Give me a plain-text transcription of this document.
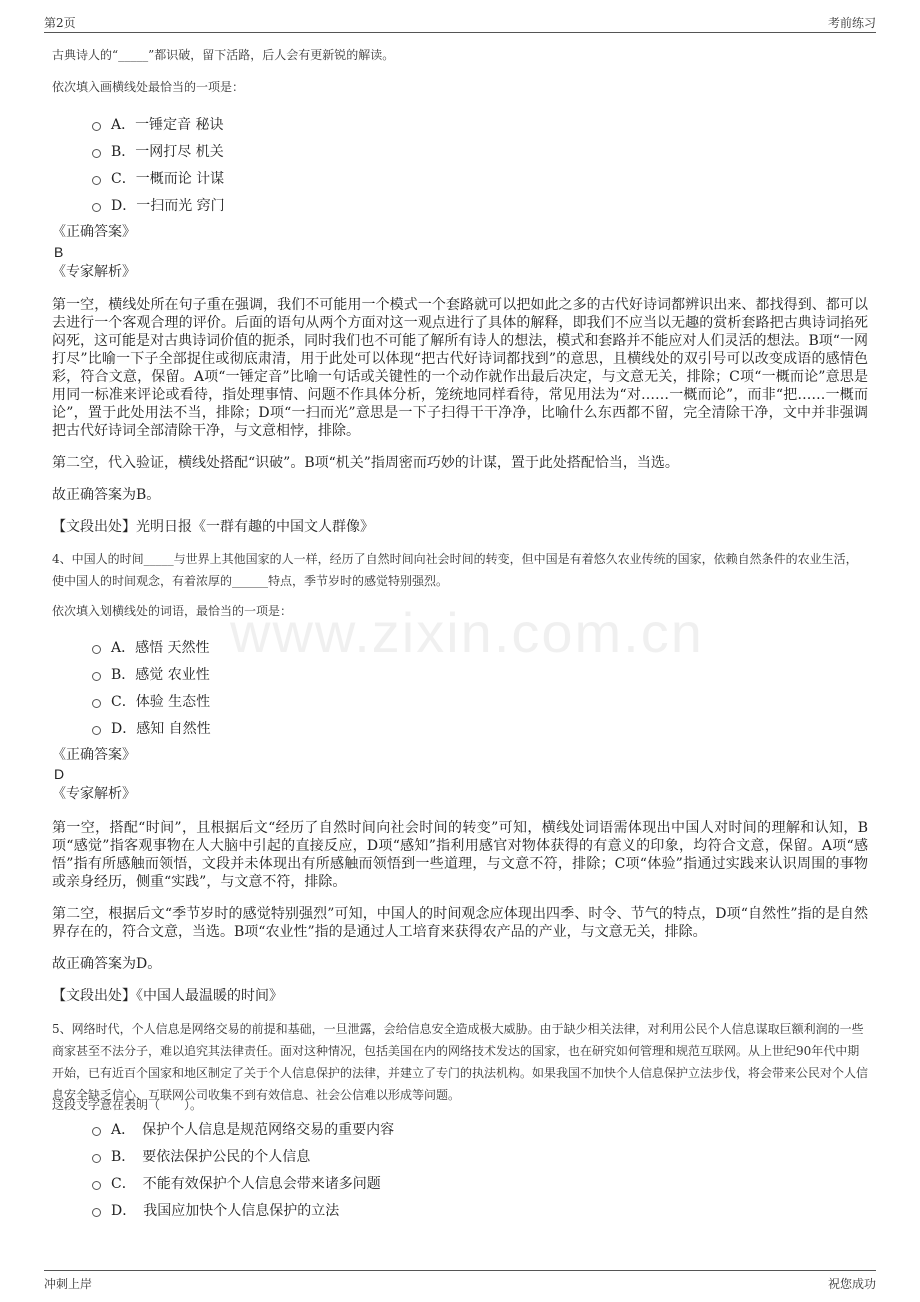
第2页	考前练习
www.zixin.com.cn

古典诗人的“_____”都识破，留下活路，后人会有更新锐的解读。

依次填入画横线处最恰当的一项是：

A．一锤定音 秘诀
B．一网打尽 机关
C．一概而论 计谋
D．一扫而光 窍门

《正确答案》

B

《专家解析》

第一空，横线处所在句子重在强调，我们不可能用一个模式一个套路就可以把如此之多的古代好诗词都辨识出来、都找得到、都可以去进行一个客观合理的评价。后面的语句从两个方面对这一观点进行了具体的解释，即我们不应当以无趣的赏析套路把古典诗词掐死闷死，这可能是对古典诗词价值的扼杀，同时我们也不可能了解所有诗人的想法，模式和套路并不能应对人们灵活的想法。B项“一网打尽”比喻一下子全部捉住或彻底肃清，用于此处可以体现“把古代好诗词都找到”的意思，且横线处的双引号可以改变成语的感情色彩，符合文意，保留。A项“一锤定音”比喻一句话或关键性的一个动作就作出最后决定，与文意无关，排除；C项“一概而论”意思是用同一标准来评论或看待，指处理事情、问题不作具体分析，笼统地同样看待，常见用法为“对……一概而论”，而非“把……一概而论”，置于此处用法不当，排除；D项“一扫而光”意思是一下子扫得干干净净，比喻什么东西都不留，完全清除干净，文中并非强调把古代好诗词全部清除干净，与文意相悖，排除。

第二空，代入验证，横线处搭配“识破”。B项“机关”指周密而巧妙的计谋，置于此处搭配恰当，当选。

故正确答案为B。

【文段出处】光明日报《一群有趣的中国文人群像》

4、中国人的时间_____与世界上其他国家的人一样，经历了自然时间向社会时间的转变，但中国是有着悠久农业传统的国家，依赖自然条件的农业生活，使中国人的时间观念，有着浓厚的______特点，季节岁时的感觉特别强烈。

依次填入划横线处的词语，最恰当的一项是：

A．感悟 天然性
B．感觉 农业性
C．体验 生态性
D．感知 自然性

《正确答案》

D

《专家解析》

第一空，搭配“时间”，且根据后文“经历了自然时间向社会时间的转变”可知，横线处词语需体现出中国人对时间的理解和认知，B项“感觉”指客观事物在人大脑中引起的直接反应，D项“感知”指利用感官对物体获得的有意义的印象，均符合文意，保留。A项“感悟”指有所感触而领悟，文段并未体现出有所感触而领悟到一些道理，与文意不符，排除；C项“体验”指通过实践来认识周围的事物或亲身经历，侧重“实践”，与文意不符，排除。

第二空，根据后文“季节岁时的感觉特别强烈”可知，中国人的时间观念应体现出四季、时令、节气的特点，D项“自然性”指的是自然界存在的，符合文意，当选。B项“农业性”指的是通过人工培育来获得农产品的产业，与文意无关，排除。

故正确答案为D。

【文段出处】《中国人最温暖的时间》

5、网络时代，个人信息是网络交易的前提和基础，一旦泄露，会给信息安全造成极大威胁。由于缺少相关法律，对利用公民个人信息谋取巨额利润的一些商家甚至不法分子，难以追究其法律责任。面对这种情况，包括美国在内的网络技术发达的国家，也在研究如何管理和规范互联网。从上世纪90年代中期开始，已有近百个国家和地区制定了关于个人信息保护的法律，并建立了专门的执法机构。如果我国不加快个人信息保护立法步伐，将会带来公民对个人信息安全缺乏信心、互联网公司收集不到有效信息、社会公信难以形成等问题。

这段文字意在表明（　　）。

A．　保护个人信息是规范网络交易的重要内容
B．　要依法保护公民的个人信息
C．　不能有效保护个人信息会带来诸多问题
D．　我国应加快个人信息保护的立法
冲刺上岸	祝您成功
